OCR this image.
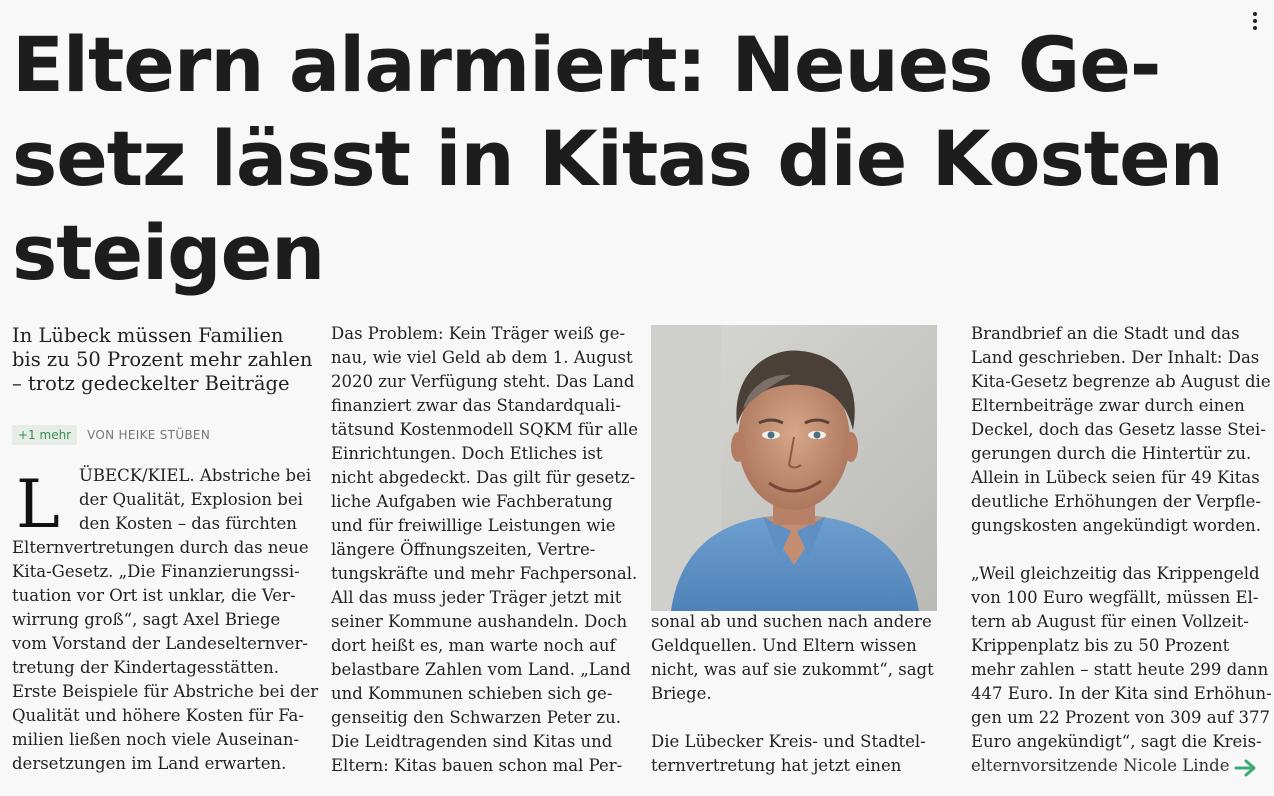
Eltern alarmiert: Neues Ge-
setz lässt in Kitas die Kosten
steigen
In Lübeck müssen Familien
bis zu 50 Prozent mehr zahlen
– trotz gedeckelter Beiträge
+1 mehr	VON HEIKE STÜBEN
L	ÜBECK/KIEL. Abstriche bei
der Qualität, Explosion bei
den Kosten – das fürchten
Elternvertretungen durch das neue
Kita-Gesetz. „Die Finanzierungssi-
tuation vor Ort ist unklar, die Ver-
wirrung groß“, sagt Axel Briege
vom Vorstand der Landeselternver-
tretung der Kindertagesstätten.
Erste Beispiele für Abstriche bei der
Qualität und höhere Kosten für Fa-
milien ließen noch viele Auseinan-
dersetzungen im Land erwarten.
Das Problem: Kein Träger weiß ge-
nau, wie viel Geld ab dem 1. August
2020 zur Verfügung steht. Das Land
finanziert zwar das Standardquali-
tätsund Kostenmodell SQKM für alle
Einrichtungen. Doch Etliches ist
nicht abgedeckt. Das gilt für gesetz-
liche Aufgaben wie Fachberatung
und für freiwillige Leistungen wie
längere Öffnungszeiten, Vertre-
tungskräfte und mehr Fachpersonal.
All das muss jeder Träger jetzt mit
seiner Kommune aushandeln. Doch
dort heißt es, man warte noch auf
belastbare Zahlen vom Land. „Land
und Kommunen schieben sich ge-
genseitig den Schwarzen Peter zu.
Die Leidtragenden sind Kitas und
Eltern: Kitas bauen schon mal Per-
sonal ab und suchen nach andere
Geldquellen. Und Eltern wissen
nicht, was auf sie zukommt“, sagt
Briege.
Die Lübecker Kreis- und Stadtel-
ternvertretung hat jetzt einen
Brandbrief an die Stadt und das
Land geschrieben. Der Inhalt: Das
Kita-Gesetz begrenze ab August die
Elternbeiträge zwar durch einen
Deckel, doch das Gesetz lasse Stei-
gerungen durch die Hintertür zu.
Allein in Lübeck seien für 49 Kitas
deutliche Erhöhungen der Verpfle-
gungskosten angekündigt worden.
„Weil gleichzeitig das Krippengeld
von 100 Euro wegfällt, müssen El-
tern ab August für einen Vollzeit-
Krippenplatz bis zu 50 Prozent
mehr zahlen – statt heute 299 dann
447 Euro. In der Kita sind Erhöhun-
gen um 22 Prozent von 309 auf 377
Euro angekündigt“, sagt die Kreis-
elternvorsitzende Nicole Linde
